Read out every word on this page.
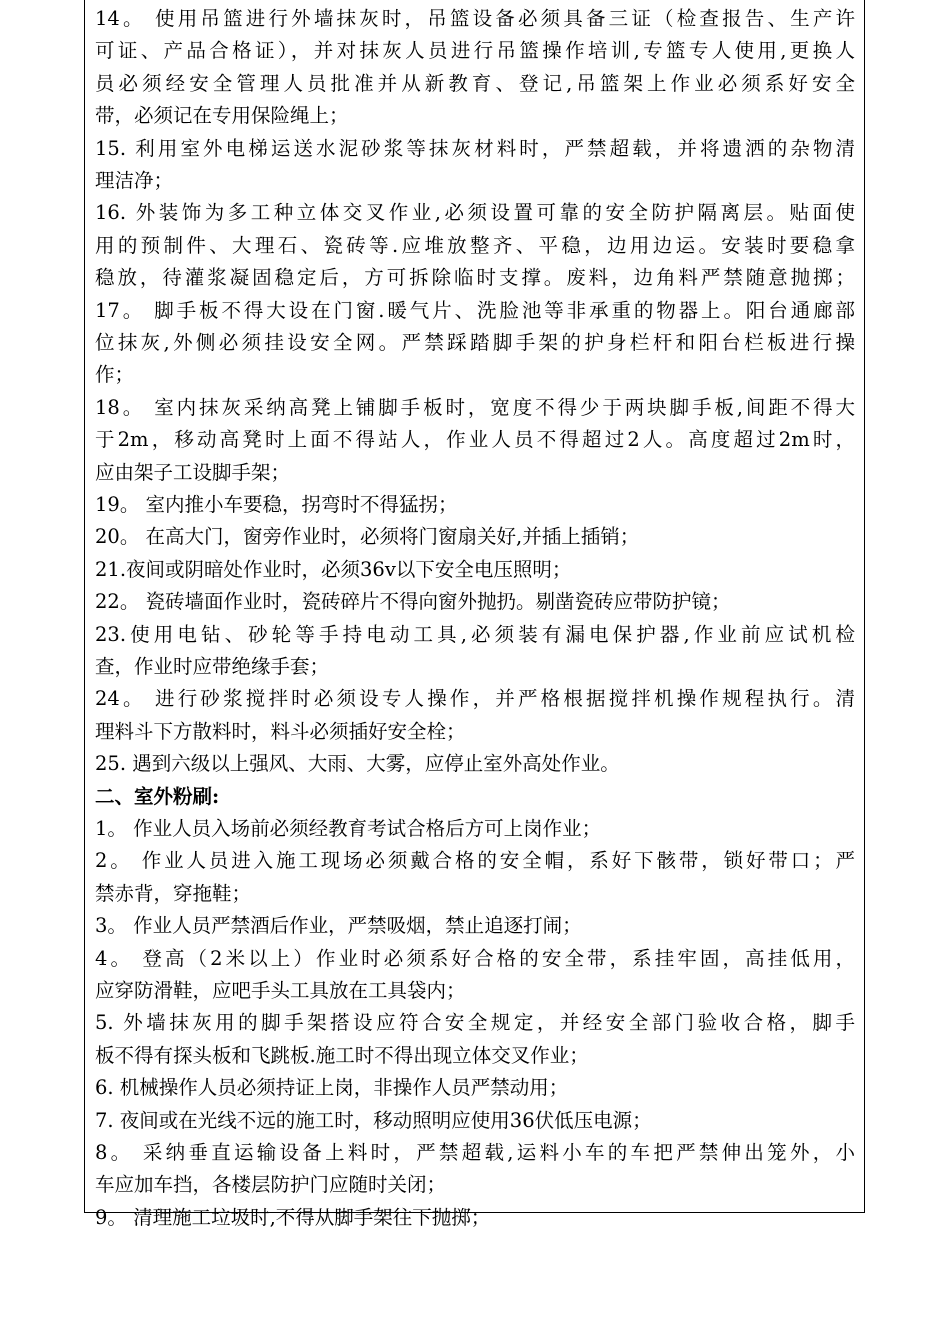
14。 使用吊篮进行外墙抹灰时，吊篮设备必须具备三证（检查报告、生产许
可证、产品合格证），并对抹灰人员进行吊篮操作培训,专篮专人使用,更换人
员必须经安全管理人员批准并从新教育、登记,吊篮架上作业必须系好安全
带，必须记在专用保险绳上；
15. 利用室外电梯运送水泥砂浆等抹灰材料时，严禁超载，并将遗洒的杂物清
理洁净；
16. 外装饰为多工种立体交叉作业,必须设置可靠的安全防护隔离层。贴面使
用的预制件、大理石、瓷砖等.应堆放整齐、平稳，边用边运。安装时要稳拿
稳放，待灌浆凝固稳定后，方可拆除临时支撑。废料，边角料严禁随意抛掷；
17。 脚手板不得大设在门窗.暖气片、洗脸池等非承重的物器上。阳台通廊部
位抹灰,外侧必须挂设安全网。严禁踩踏脚手架的护身栏杆和阳台栏板进行操
作；
18。 室内抹灰采纳高凳上铺脚手板时，宽度不得少于两块脚手板,间距不得大
于2m，移动高凳时上面不得站人，作业人员不得超过2人。高度超过2m时，
应由架子工设脚手架；
19。 室内推小车要稳，拐弯时不得猛拐；
20。 在高大门，窗旁作业时，必须将门窗扇关好,并插上插销；
21.夜间或阴暗处作业时，必须36v以下安全电压照明；
22。 瓷砖墙面作业时，瓷砖碎片不得向窗外抛扔。剔凿瓷砖应带防护镜；
23.使用电钻、砂轮等手持电动工具,必须装有漏电保护器,作业前应试机检
查，作业时应带绝缘手套；
24。 进行砂浆搅拌时必须设专人操作，并严格根据搅拌机操作规程执行。清
理料斗下方散料时，料斗必须插好安全栓；
25. 遇到六级以上强风、大雨、大雾，应停止室外高处作业。
二、室外粉刷:
1。 作业人员入场前必须经教育考试合格后方可上岗作业；
2。 作业人员进入施工现场必须戴合格的安全帽，系好下骸带，锁好带口；严
禁赤背，穿拖鞋；
3。 作业人员严禁酒后作业，严禁吸烟，禁止追逐打闹；
4。 登高（2米以上）作业时必须系好合格的安全带，系挂牢固，高挂低用，
应穿防滑鞋，应吧手头工具放在工具袋内；
5. 外墙抹灰用的脚手架搭设应符合安全规定，并经安全部门验收合格，脚手
板不得有探头板和飞跳板.施工时不得出现立体交叉作业；
6. 机械操作人员必须持证上岗，非操作人员严禁动用；
7. 夜间或在光线不远的施工时，移动照明应使用36伏低压电源；
8。 采纳垂直运输设备上料时，严禁超载,运料小车的车把严禁伸出笼外，小
车应加车挡，各楼层防护门应随时关闭；
9。 清理施工垃圾时,不得从脚手架往下抛掷；
